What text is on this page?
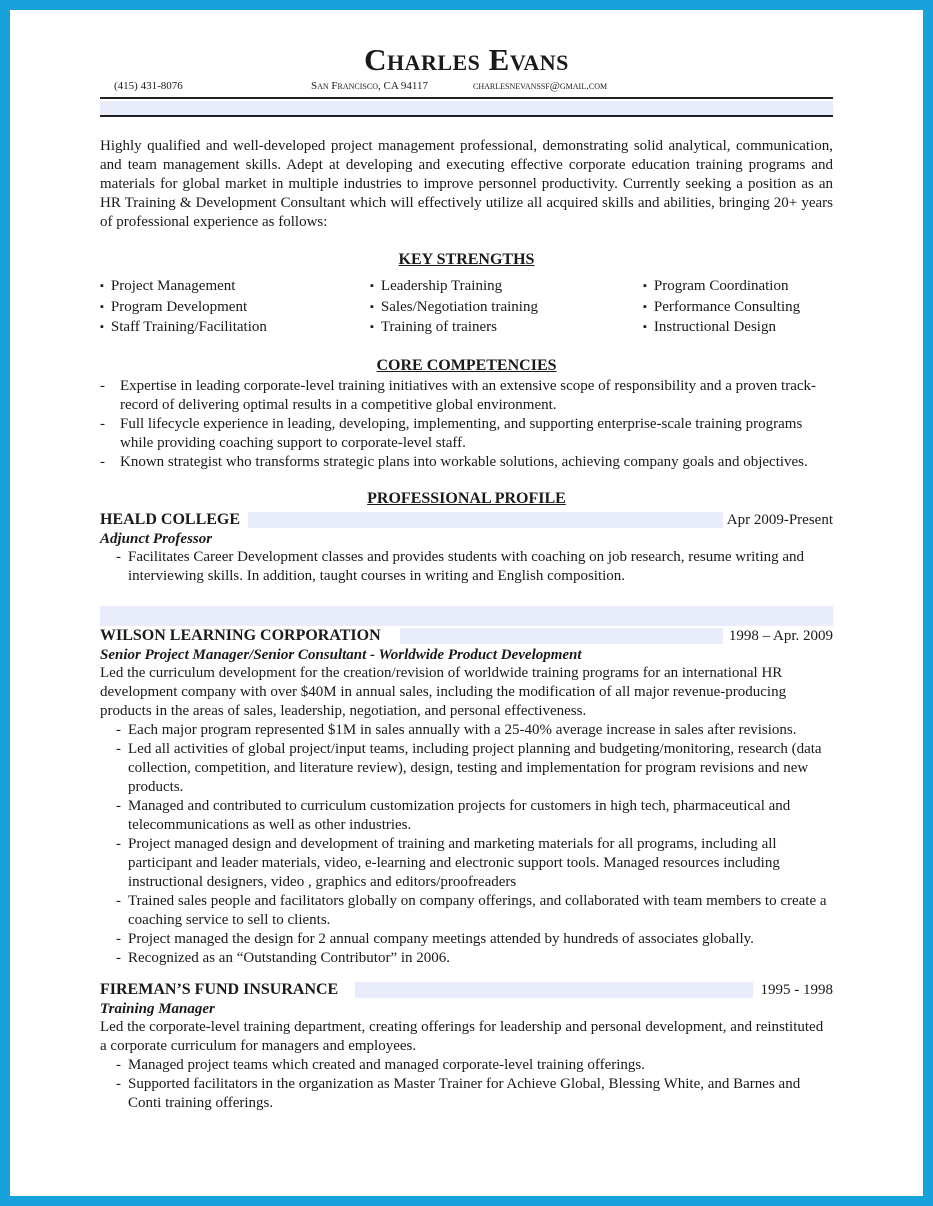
Charles Evans
(415) 431-8076	San Francisco, CA 94117	charlesnevanssf@gmail.com
Highly qualified and well-developed project management professional, demonstrating solid analytical, communication, and team management skills. Adept at developing and executing effective corporate education training programs and materials for global market in multiple industries to improve personnel productivity. Currently seeking a position as an HR Training & Development Consultant which will effectively utilize all acquired skills and abilities, bringing 20+ years of professional experience as follows:
KEY STRENGTHS
▪ Project Management	▪ Leadership Training	▪ Program Coordination
▪ Program Development	▪ Sales/Negotiation training	▪ Performance Consulting
▪ Staff Training/Facilitation	▪ Training of trainers	▪ Instructional Design
CORE COMPETENCIES
- Expertise in leading corporate-level training initiatives with an extensive scope of responsibility and a proven track-record of delivering optimal results in a competitive global environment.
- Full lifecycle experience in leading, developing, implementing, and supporting enterprise-scale training programs while providing coaching support to corporate-level staff.
- Known strategist who transforms strategic plans into workable solutions, achieving company goals and objectives.
PROFESSIONAL PROFILE
HEALD COLLEGE	Apr 2009-Present
Adjunct Professor
- Facilitates Career Development classes and provides students with coaching on job research, resume writing and interviewing skills. In addition, taught courses in writing and English composition.
WILSON LEARNING CORPORATION	1998 – Apr. 2009
Senior Project Manager/Senior Consultant - Worldwide Product Development
Led the curriculum development for the creation/revision of worldwide training programs for an international HR development company with over $40M in annual sales, including the modification of all major revenue-producing products in the areas of sales, leadership, negotiation, and personal effectiveness.
- Each major program represented $1M in sales annually with a 25-40% average increase in sales after revisions.
- Led all activities of global project/input teams, including project planning and budgeting/monitoring, research (data collection, competition, and literature review), design, testing and implementation for program revisions and new products.
- Managed and contributed to curriculum customization projects for customers in high tech, pharmaceutical and telecommunications as well as other industries.
- Project managed design and development of training and marketing materials for all programs, including all participant and leader materials, video, e-learning and electronic support tools. Managed resources including instructional designers, video , graphics and editors/proofreaders
- Trained sales people and facilitators globally on company offerings, and collaborated with team members to create a coaching service to sell to clients.
- Project managed the design for 2 annual company meetings attended by hundreds of associates globally.
- Recognized as an “Outstanding Contributor” in 2006.
FIREMAN’S FUND INSURANCE	1995 - 1998
Training Manager
Led the corporate-level training department, creating offerings for leadership and personal development, and reinstituted a corporate curriculum for managers and employees.
- Managed project teams which created and managed corporate-level training offerings.
- Supported facilitators in the organization as Master Trainer for Achieve Global, Blessing White, and Barnes and Conti training offerings.
